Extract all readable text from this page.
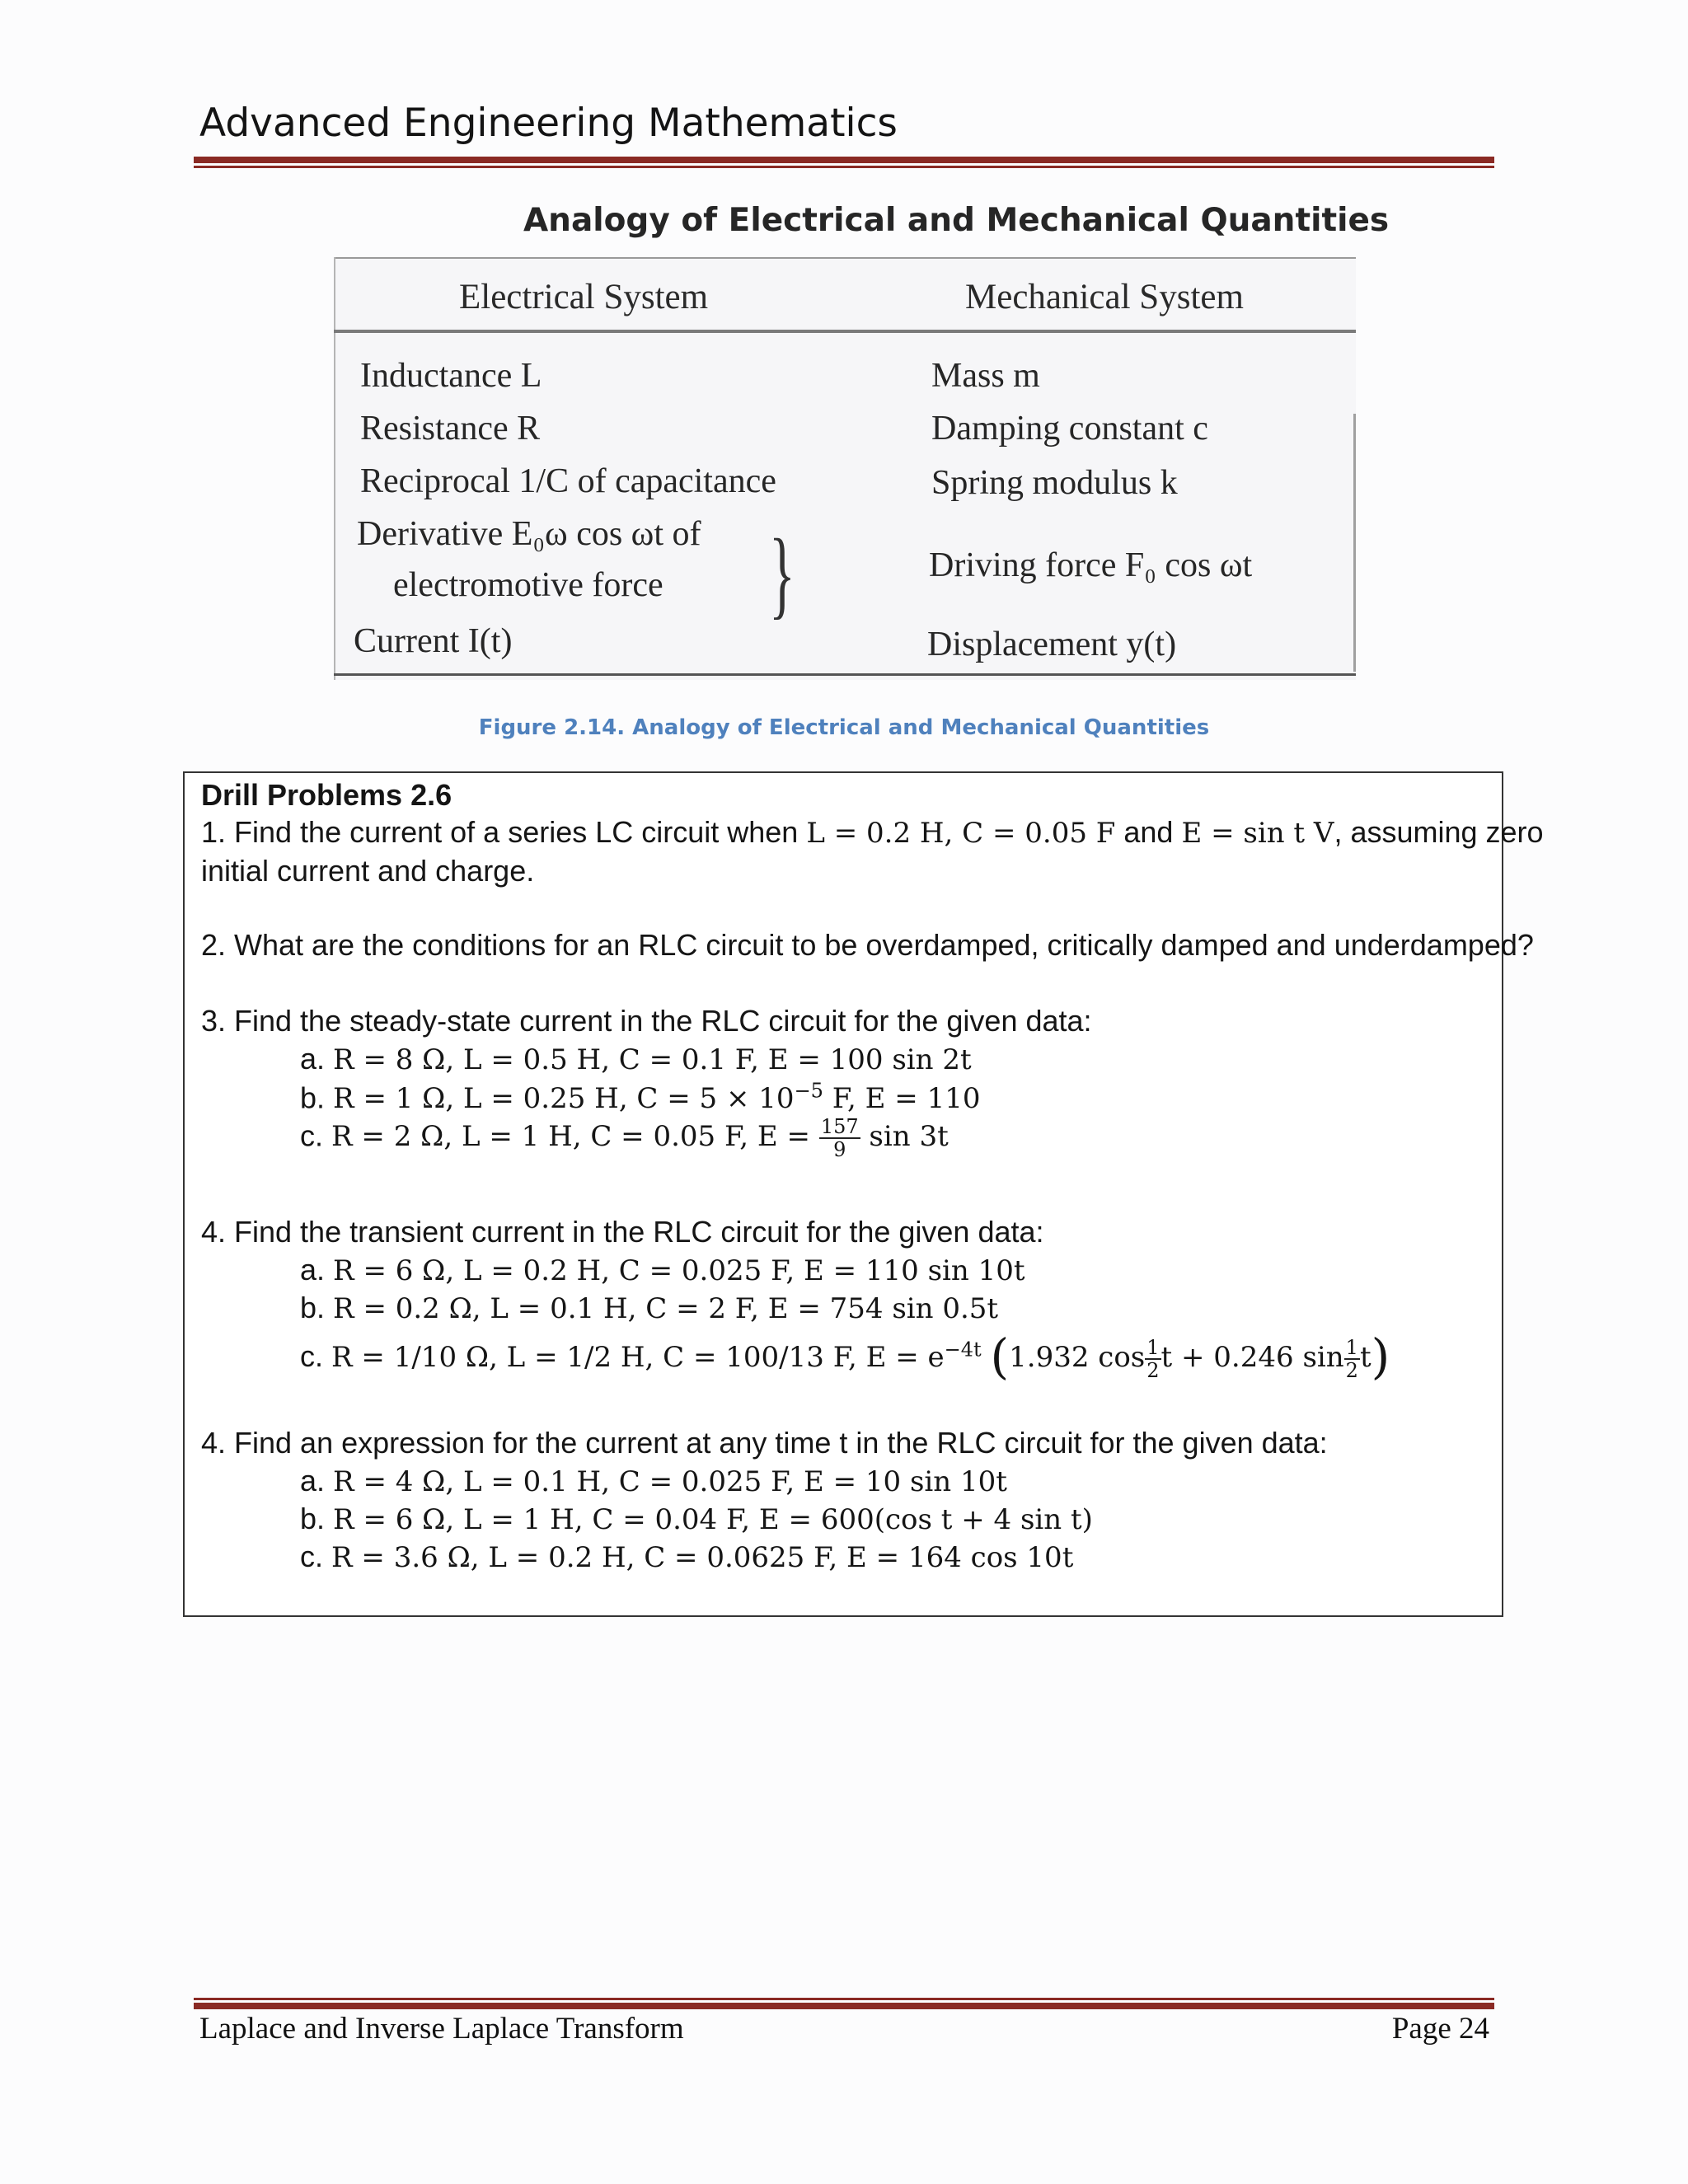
Advanced Engineering Mathematics
Analogy of Electrical and Mechanical Quantities
Electrical System	Mechanical System
Inductance L	Mass m
Resistance R	Damping constant c
Reciprocal 1/C of capacitance	Spring modulus k
Derivative E₀ω cos ωt of
electromotive force }	Driving force F₀ cos ωt
Current I(t)	Displacement y(t)
Figure 2.14. Analogy of Electrical and Mechanical Quantities
Drill Problems 2.6
1. Find the current of a series LC circuit when L = 0.2 H, C = 0.05 F and E = sin t V, assuming zero
initial current and charge.
2. What are the conditions for an RLC circuit to be overdamped, critically damped and underdamped?
3. Find the steady-state current in the RLC circuit for the given data:
a. R = 8 Ω, L = 0.5 H, C = 0.1 F, E = 100 sin 2t
b. R = 1 Ω, L = 0.25 H, $C = 5 \times 10^{-5}$ F, E = 110
c. R = 2 Ω, L = 1 H, C = 0.05 F, $E = \frac{157}{9}$ sin 3t
4. Find the transient current in the RLC circuit for the given data:
a. R = 6 Ω, L = 0.2 H, C = 0.025 F, E = 110 sin 10t
b. R = 0.2 Ω, L = 0.1 H, C = 2 F, E = 754 sin 0.5t
c. R = 1/10 Ω, L = 1/2 H, C = 100/13 F, $E = e^{-4t}$ (1.932 $\cos \frac{1}{2}$ t + 0.246 $\sin \frac{1}{2} t$)
4. Find an expression for the current at any time t in the RLC circuit for the given data:
a. R = 4 Ω, L = 0.1 H, C = 0.025 F, E = 10 sin 10t
b. R = 6 Ω, L = 1 H, C = 0.04 F, E = 600(cos t + 4 sin t)
c. R = 3.6 Ω, L = 0.2 H, C = 0.0625 F, E = 164 cos 10t
Laplace and Inverse Laplace Transform	Page 24
